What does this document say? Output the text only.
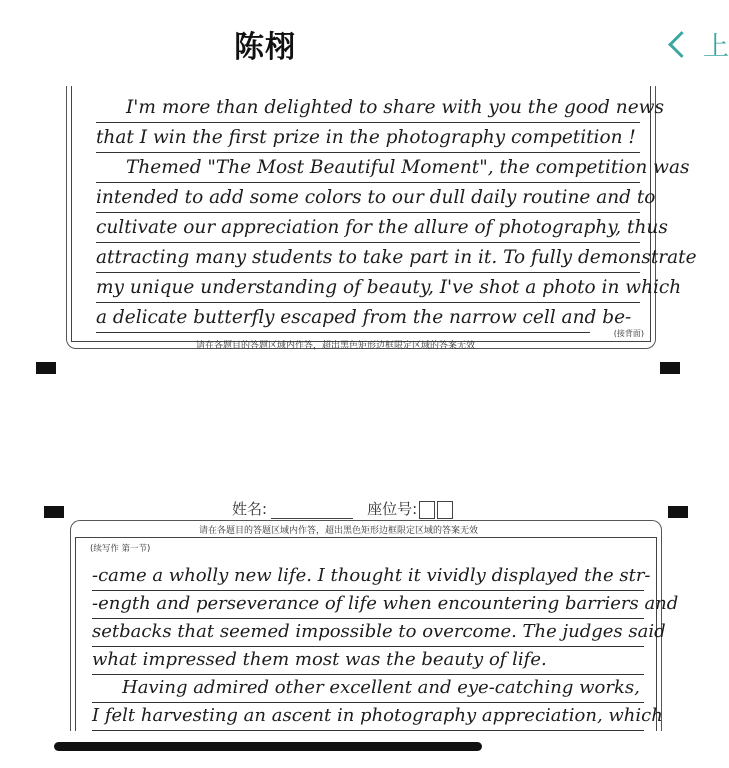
陈栩	上
I'm more than delighted to share with you the good news
that I win the first prize in the photography competition !
Themed "The Most Beautiful Moment", the competition was
intended to add some colors to our dull daily routine and to
cultivate our appreciation for the allure of photography, thus
attracting many students to take part in it. To fully demonstrate
my unique understanding of beauty, I've shot a photo in which
a delicate butterfly escaped from the narrow cell and be-
(接背面)
请在各题目的答题区域内作答，超出黑色矩形边框限定区域的答案无效
姓名:	座位号:
请在各题目的答题区域内作答，超出黑色矩形边框限定区域的答案无效
(续写作 第一节)
-came a wholly new life. I thought it vividly displayed the str-
-ength and perseverance of life when encountering barriers and
setbacks that seemed impossible to overcome. The judges said
what impressed them most was the beauty of life.
Having admired other excellent and eye-catching works,
I felt harvesting an ascent in photography appreciation, which
